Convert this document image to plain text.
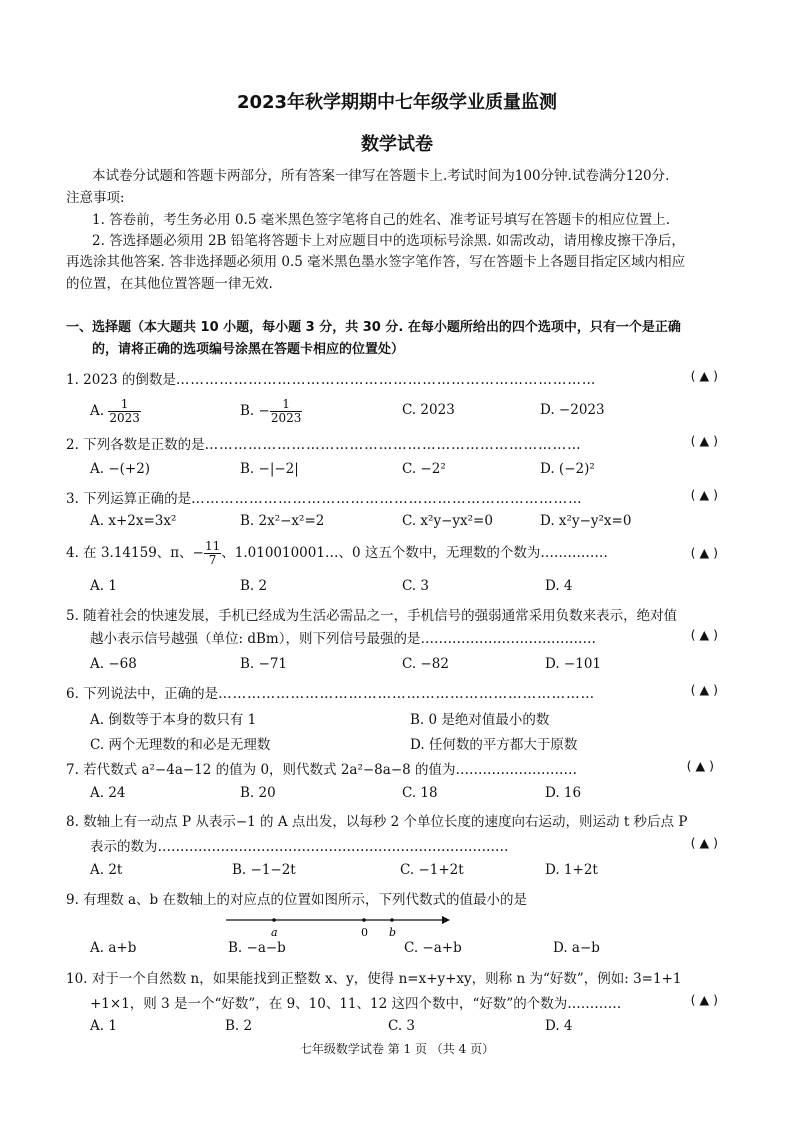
2023年秋学期期中七年级学业质量监测
数学试卷
本试卷分试题和答题卡两部分，所有答案一律写在答题卡上.考试时间为100分钟.试卷满分120分.
注意事项:
1. 答卷前，考生务必用 0.5 毫米黑色签字笔将自己的姓名、准考证号填写在答题卡的相应位置上.
2. 答选择题必须用 2B 铅笔将答题卡上对应题目中的选项标号涂黑. 如需改动，请用橡皮擦干净后，
再选涂其他答案. 答非选择题必须用 0.5 毫米黑色墨水签字笔作答，写在答题卡上各题目指定区域内相应
的位置，在其他位置答题一律无效.
一、选择题（本大题共 10 小题，每小题 3 分，共 30 分. 在每小题所给出的四个选项中，只有一个是正确
的，请将正确的选项编号涂黑在答题卡相应的位置处）
1. 2023 的倒数是……………………………………………………………………………	( ▲ )
A. $\frac{1}{2023}$	B. − $\frac{1}{2023}$	C. 2023	D. −2023
2. 下列各数是正数的是……………………………………………………………………	( ▲ )
A. −(+2)	B. −|−2|	C. −2²	D. (−2)²
3. 下列运算正确的是………………………………………………………………………	( ▲ )
A. x+2x=3x²	B. 2x²−x²=2	C. x²y−yx²=0	D. x²y−y²x=0
4. 在 3.14159、π、− $\frac{11}{7}$ 、1.010010001…、0 这五个数中，无理数的个数为……………	( ▲ )
A. 1	B. 2	C. 3	D. 4
5. 随着社会的快速发展，手机已经成为生活必需品之一，手机信号的强弱通常采用负数来表示，绝对值
越小表示信号越强（单位: dBm），则下列信号最强的是…………………………………	( ▲ )
A. −68	B. −71	C. −82	D. −101
6. 下列说法中，正确的是……………………………………………………………………	( ▲ )
A. 倒数等于本身的数只有 1	B. 0 是绝对值最小的数
C. 两个无理数的和必是无理数	D. 任何数的平方都大于原数
7. 若代数式 a²−4a−12 的值为 0，则代数式 2a²−8a−8 的值为………………………	( ▲ )
A. 24	B. 20	C. 18	D. 16
8. 数轴上有一动点 P 从表示−1 的 A 点出发，以每秒 2 个单位长度的速度向右运动，则运动 t 秒后点 P
表示的数为……………………………………………………………………	( ▲ )
A. 2t	B. −1−2t	C. −1+2t	D. 1+2t
9. 有理数 a、b 在数轴上的对应点的位置如图所示，下列代数式的值最小的是
a	0 b
A. a+b	B. −a−b	C. −a+b	D. a−b
10. 对于一个自然数 n，如果能找到正整数 x、y，使得 n=x+y+xy，则称 n 为“好数”，例如: 3=1+1
+1×1，则 3 是一个“好数”，在 9、10、11、12 这四个数中，“好数”的个数为…………	( ▲ )
A. 1	B. 2	C. 3	D. 4
七年级数学试卷 第 1 页 （共 4 页）
